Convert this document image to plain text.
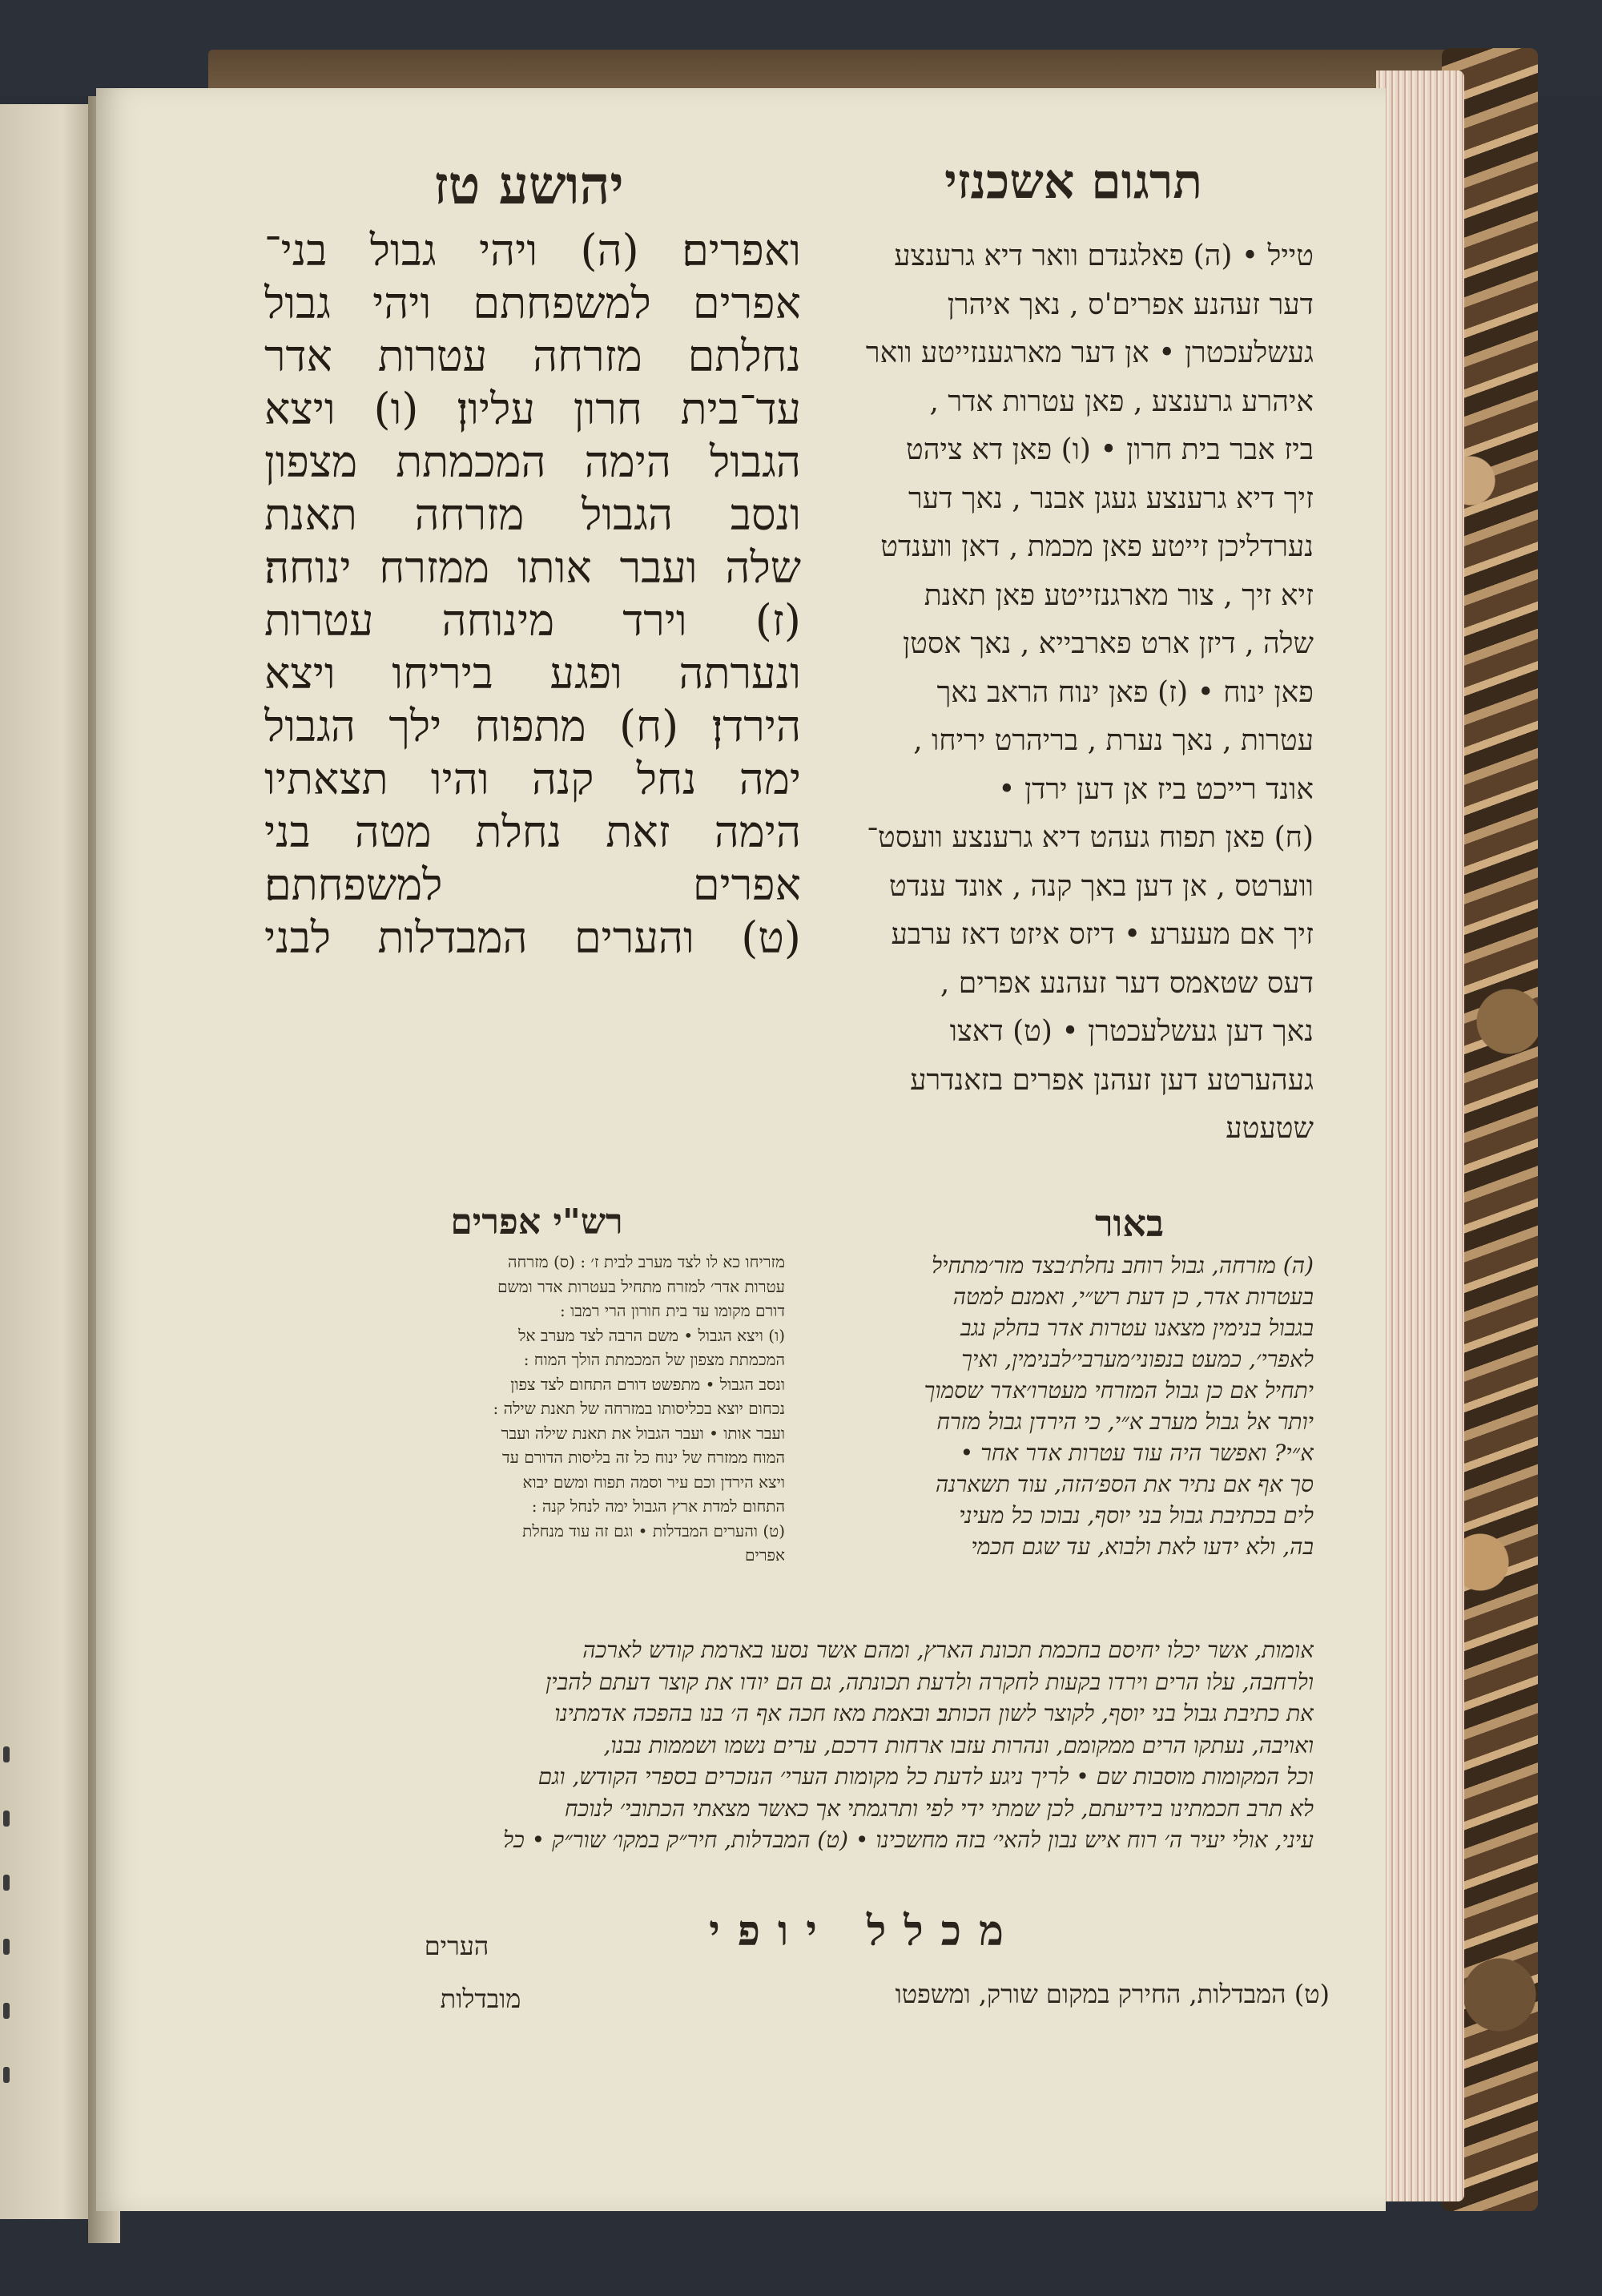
יהושע טז	תרגום אשכנזי
ואפרים׃ (ה) ויהי גבול בני־
אפרים למשפחתם ויהי גבול
נחלתם מזרחה עטרות אדר
עד־בית חרון עליון׃ (ו) ויצא
הגבול הימה המכמתת מצפון
ונסב הגבול מזרחה תאנת
שלה ועבר אותו ממזרח ינוחה׃
(ז) וירד מינוחה עטרות
ונערתה ופגע ביריחו ויצא
הירדן׃ (ח) מתפוח ילך הגבול
ימה נחל קנה והיו תצאתיו
הימה זאת נחלת מטה בני
אפרים למשפחתם׃
(ט) והערים המבדלות לבני
טייל • (ה) פאלגנדם וואר דיא גרענצע
דער זעהנע אפרים'ס , נאך איהרן
געשלעכטרן • אן דער מארגענזייטע וואר
איהרע גרענצע , פאן עטרות אדר ,
ביז אבר בית חרון • (ו) פאן דא ציהט
זיך דיא גרענצע געגן אבנר , נאך דער
נערדליכן זייטע פאן מכמת , דאן ווענדט
זיא זיך , צור מארגנזייטע פאן תאנת
שלה , דיזן ארט פארבייא , נאך אסטן
פאן ינוח • (ז) פאן ינוח הראב נאך
עטרות , נאך נערת , בריהרט יריחו ,
אונד רייכט ביז אן דען ירדן •
(ח) פאן תפוח געהט דיא גרענצע וועסט־
ווערטס , אן דען באך קנה , אונד ענדט
זיך אם מעערע • דיזס איזט דאז ערבע
דעס שטאמס דער זעהנע אפרים ,
נאך דען געשלעכטרן • (ט) דאצו
געהערטע דען זעהנן אפרים בזאנדרע
שטעטע
רש"י אפרים	באור
מזריחו כא לו לצד מערב לבית ז׳ : (ס) מזרחה
עטרות אדר׳ למזרח מתחיל בעטרות אדר ומשם
דורם מקומו עד בית חורון הרי רמבו :
(ו) ויצא הגבול • משם הרבה לצד מערב אל
המכמתת מצפון של המכמתת הולך המוח :
ונסב הגבול • מתפשט דורם התחום לצד צפון
נכחום יוצא בכליסותו במזרחה של תאנת שילה :
ועבר אותו • ועבר הגבול את תאנת שילה ועבר
המוח ממזרח של ינוח כל זה בליסות הדורם עד
ויצא הירדן וכם עיר וסמה תפוח ומשם יבוא
התחום למדת ארץ הגבול ימה לנחל קנה :
(ט) והערים המבדלות • וגם זה עוד מנחלת
אפרים
(ה) מזרחה, גבול רוחב נחלת׳בצד מזר׳מתחיל
בעטרות אדר, כן דעת רש״י, ואמנם למטה
בגבול בנימין מצאנו עטרות אדר בחלק נגב
לאפרי׳, כמעט בנפוני׳מערבי׳לבנימין, ואיך
יתחיל אם כן גבול המזרחי מעטרו׳אדר שסמוך
יותר אל גבול מערב א״י, כי הירדן גבול מזרח
א״י? ואפשר היה עוד עטרות אדר אחר •
סך אף אם נתיר את הספ׳הזה, עוד תשארנה
לים בכתיבת גבול בני יוסף, נבוכו כל מעיני
בה, ולא ידעו לאת ולבוא, עד שגם חכמי
אומות, אשר יכלו יחיסם בחכמת תכונת הארץ, ומהם אשר נסעו בארמת קודש לארכה
ולרחבה, עלו הרים וירדו בקעות לחקרה ולדעת תכונתה, גם הם יודו את קוצר דעתם להבין
את כתיבת גבול בני יוסף, לקוצר לשון הכותב׃ ובאמת מאז חכה אף ה׳ בנו בהפכה אדמתינו
ואויבה, נעתקו הרים ממקומם, ונהרות עזבו ארחות דרכם, ערים נשמו ושממות נבנו,
וכל המקומות מוסבות שם • לריך ניגע לדעת כל מקומות הערי׳ הנזכרים בספרי הקודש, וגם
לא תרב חכמתינו בידיעתם, לכן שמתי ידי לפי ותרגמתי אך כאשר מצאתי הכתובי׳ לנוכח
עיני, אולי יעיר ה׳ רוח איש נבון להאי׳ בזה מחשכינו • (ט) המבדלות, חיר״ק במקו׳ שור״ק • כל
מכלל יופי
(ט) המבדלות, החירק במקום שורק, ומשפטו
הערים
מובדלות
